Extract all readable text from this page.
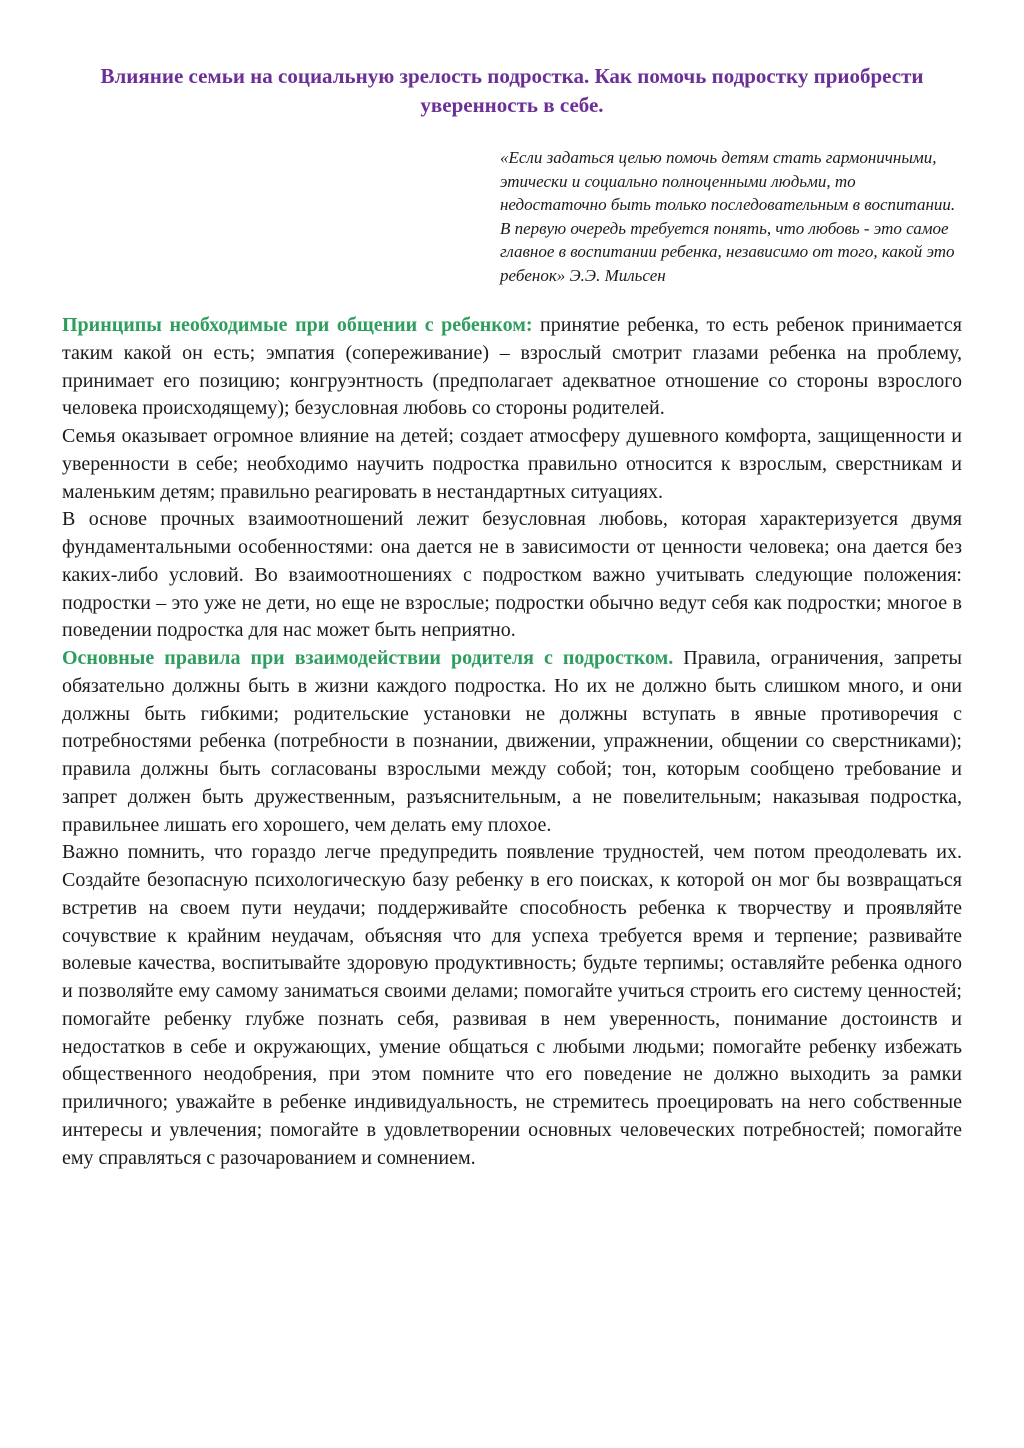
Влияние семьи на социальную зрелость подростка. Как помочь подростку приобрести уверенность в себе.

«Если задаться целью помочь детям стать гармоничными, этически и социально полноценными людьми, то недостаточно быть только последовательным в воспитании. В первую очередь требуется понять, что любовь - это самое главное в воспитании ребенка, независимо от того, какой это ребенок» Э.Э. Мильсен

Принципы необходимые при общении с ребенком: принятие ребенка, то есть ребенок принимается таким какой он есть; эмпатия (сопереживание) – взрослый смотрит глазами ребенка на проблему, принимает его позицию; конгруэнтность (предполагает адекватное отношение со стороны взрослого человека происходящему); безусловная любовь со стороны родителей.

Семья оказывает огромное влияние на детей; создает атмосферу душевного комфорта, защищенности и уверенности в себе; необходимо научить подростка правильно относится к взрослым, сверстникам и маленьким детям; правильно реагировать в нестандартных ситуациях.

В основе прочных взаимоотношений лежит безусловная любовь, которая характеризуется двумя фундаментальными особенностями: она дается не в зависимости от ценности человека; она дается без каких-либо условий. Во взаимоотношениях с подростком важно учитывать следующие положения: подростки – это уже не дети, но еще не взрослые; подростки обычно ведут себя как подростки; многое в поведении подростка для нас может быть неприятно.

Основные правила при взаимодействии родителя с подростком. Правила, ограничения, запреты обязательно должны быть в жизни каждого подростка. Но их не должно быть слишком много, и они должны быть гибкими; родительские установки не должны вступать в явные противоречия с потребностями ребенка (потребности в познании, движении, упражнении, общении со сверстниками); правила должны быть согласованы взрослыми между собой; тон, которым сообщено требование и запрет должен быть дружественным, разъяснительным, а не повелительным; наказывая подростка, правильнее лишать его хорошего, чем делать ему плохое.

Важно помнить, что гораздо легче предупредить появление трудностей, чем потом преодолевать их. Создайте безопасную психологическую базу ребенку в его поисках, к которой он мог бы возвращаться встретив на своем пути неудачи; поддерживайте способность ребенка к творчеству и проявляйте сочувствие к крайним неудачам, объясняя что для успеха требуется время и терпение; развивайте волевые качества, воспитывайте здоровую продуктивность; будьте терпимы; оставляйте ребенка одного и позволяйте ему самому заниматься своими делами; помогайте учиться строить его систему ценностей; помогайте ребенку глубже познать себя, развивая в нем уверенность, понимание достоинств и недостатков в себе и окружающих, умение общаться с любыми людьми; помогайте ребенку избежать общественного неодобрения, при этом помните что его поведение не должно выходить за рамки приличного; уважайте в ребенке индивидуальность, не стремитесь проецировать на него собственные интересы и увлечения; помогайте в удовлетворении основных человеческих потребностей; помогайте ему справляться с разочарованием и сомнением.
